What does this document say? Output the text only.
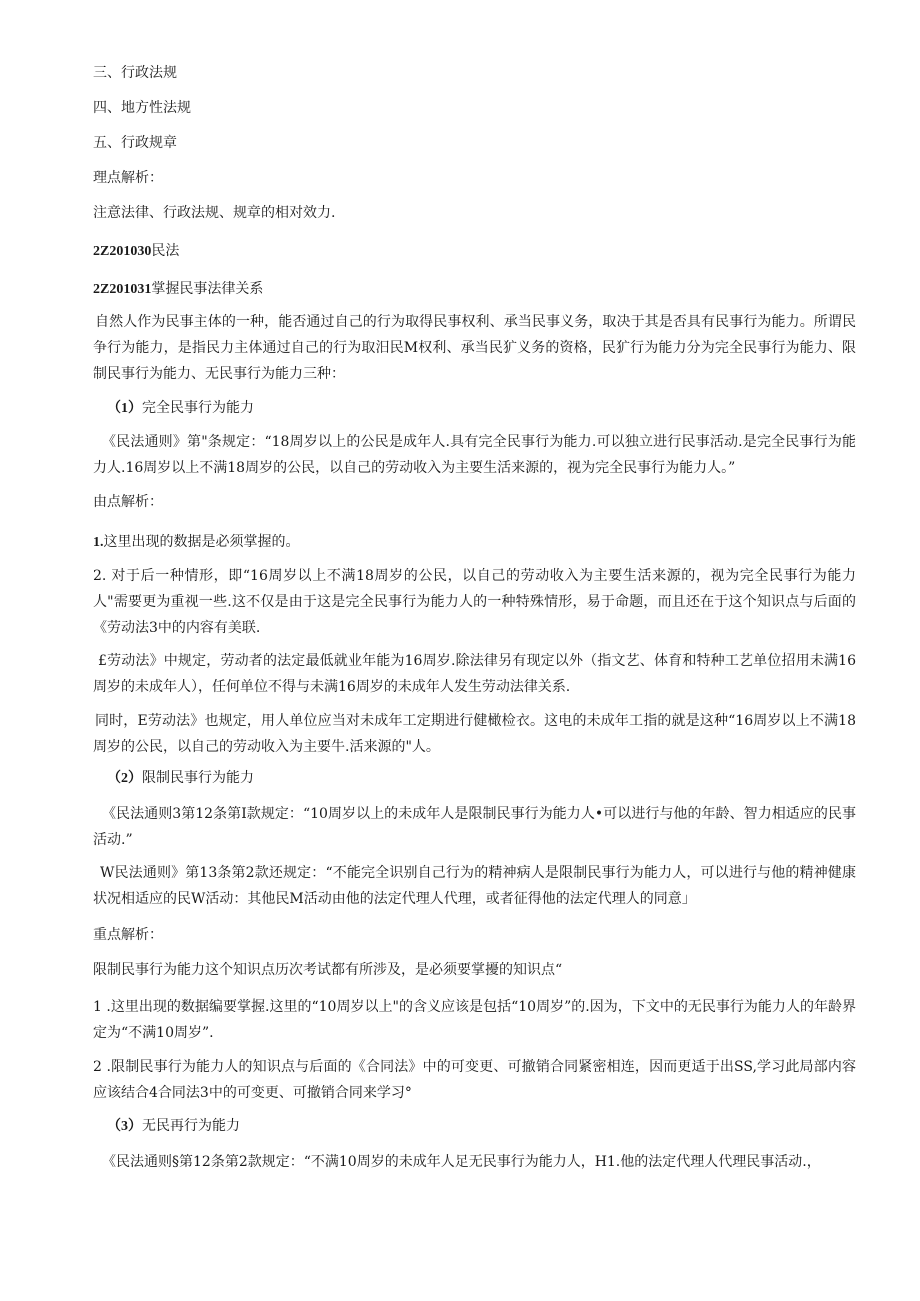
三、行政法规

四、地方性法规

五、行政规章

理点解析：

注意法律、行政法规、规章的相对效力.

2Z201030民法

2Z201031掌握民事法律关系

自然人作为民事主体的一种，能否通过自己的行为取得民事权利、承当民事义务，取决于其是否具有民事行为能力。所谓民争行为能力，是指民力主体通过自己的行为取汨民M权利、承当民犷义务的资格，民犷行为能力分为完全民事行为能力、限制民事行为能力、无民事行为能力三种：

（1）完全民事行为能力

《民法通则》第"条规定：“18周岁以上的公民是成年人.具有完全民事行为能力.可以独立进行民事活动.是完全民事行为能力人.16周岁以上不满18周岁的公民，以自己的劳动收入为主要生活来源的，视为完全民事行为能力人。”

由点解析：

1.这里出现的数据是必须掌握的。

2. 对于后一种情形，即“16周岁以上不满18周岁的公民，以自己的劳动收入为主要生活来源的，视为完全民事行为能力人"需要更为重视一些.这不仅是由于这是完全民事行为能力人的一种特殊情形，易于命题，而且还在于这个知识点与后面的《劳动法3中的内容有美联.

£劳动法》中规定，劳动者的法定最低就业年能为16周岁.除法律另有现定以外（指文艺、体育和特种工艺单位招用未满16周岁的未成年人），任何单位不得与未满16周岁的未成年人发生劳动法律关系.

同时，E劳动法》也规定，用人单位应当对未成年工定期进行健橄检衣。这电的未成年工指的就是这种“16周岁以上不满18周岁的公民，以自己的劳动收入为主要牛.活来源的"人。

（2）限制民事行为能力

《民法通则3第12条第I款规定：“10周岁以上的未成年人是限制民事行为能力人•可以进行与他的年龄、智力相适应的民事活动.”

W民法通则》第13条第2款还规定：“不能完全识别自己行为的精神病人是限制民事行为能力人，可以进行与他的精神健康状况相适应的民W活动：其他民M活动由他的法定代理人代理，或者征得他的法定代理人的同意」

重点解析：

限制民事行为能力这个知识点历次考试都有所涉及，是必须要掌擾的知识点“

1 .这里出现的数据编要掌握.这里的“10周岁以上"的含义应该是包括“10周岁”的.因为，下文中的无民事行为能力人的年龄界定为“不满10周岁”.

2 .限制民事行为能力人的知识点与后面的《合同法》中的可变更、可撤销合同紧密相连，因而更适于出SS,学习此局部内容应该结合4合同法3中的可变更、可撤销合同来学习°

（3）无民再行为能力

《民法通则§第12条第2款规定：“不满10周岁的未成年人足无民事行为能力人，H1.他的法定代理人代理民事活动.，
